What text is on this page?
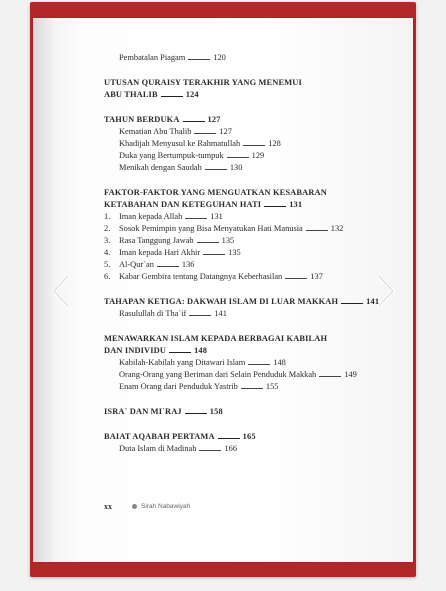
Pembatalan Piagam	120
UTUSAN QURAISY TERAKHIR YANG MENEMUI
ABU THALIB	124
TAHUN BERDUKA	127
Kematian Abu Thalib	127
Khadijah Menyusul ke Rahmatullah	128
Duka yang Bertumpuk-tumpuk	129
Menikah dengan Saudah	130
FAKTOR-FAKTOR YANG MENGUATKAN KESABARAN
KETABAHAN DAN KETEGUHAN HATI	131
1. Iman kepada Allah	131
2. Sosok Pemimpin yang Bisa Menyatukan Hati Manusia	132
3. Rasa Tanggung Jawab	135
4. Iman kepada Hari Akhir	135
5. Al-Qur`an	136
6. Kabar Gembira tentang Datangnya Keberhasilan	137
TAHAPAN KETIGA: DAKWAH ISLAM DI LUAR MAKKAH	141
Rasulullah di Tha`if	141
MENAWARKAN ISLAM KEPADA BERBAGAI KABILAH
DAN INDIVIDU	148
Kabilah-Kabilah yang Ditawari Islam	148
Orang-Orang yang Beriman dari Selain Penduduk Makkah	149
Enam Orang dari Penduduk Yastrib	155
ISRA` DAN MI`RAJ	158
BAIAT AQABAH PERTAMA	165
Duta Islam di Madinah	166
xx	Sirah Nabawiyah
